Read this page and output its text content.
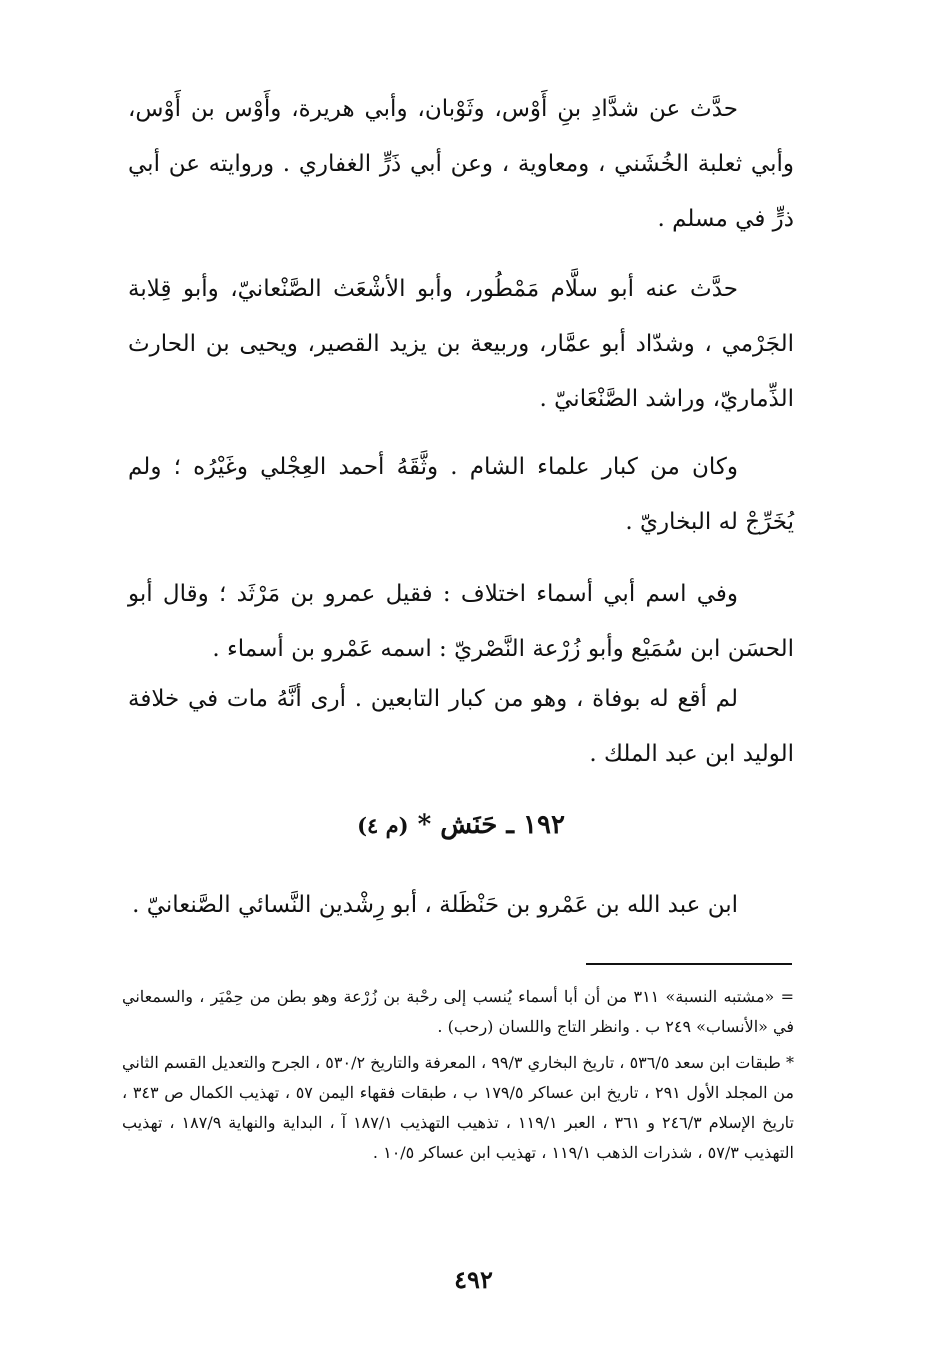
حدَّث عن شدَّادِ بنِ أَوْس، وثَوْبان، وأبي هريرة، وأَوْس بن أَوْس، وأبي ثعلبة الخُشَني ، ومعاوية ، وعن أبي ذَرٍّ الغفاري . وروايته عن أبي ذرٍّ في مسلم .

حدَّث عنه أبو سلَّام مَمْطُور، وأبو الأشْعَث الصَّنْعانيّ، وأبو قِلابة الجَرْمي ، وشدّاد أبو عمَّار، وربيعة بن يزيد القصير، ويحيى بن الحارث الذِّماريّ، وراشد الصَّنْعَانيّ .

وكان من كبار علماء الشام . وثَّقَهُ أحمد العِجْلي وغَيْرُه ؛ ولم يُخَرِّجْ له البخاريّ .

وفي اسم أبي أسماء اختلاف : فقيل عمرو بن مَرْثَد ؛ وقال أبو الحسَن ابن سُمَيْع وأبو زُرْعة النَّصْريّ : اسمه عَمْرو بن أسماء .

لم أقع له بوفاة ، وهو من كبار التابعين . أرى أنَّهُ مات في خلافة الوليد ابن عبد الملك .

١٩٢ ـ حَنَش * (م ٤)

ابن عبد الله بن عَمْرو بن حَنْظَلة ، أبو رِشْدين النَّسائي الصَّنعانيّ .

= «مشتبه النسبة» ٣١١ من أن أبا أسماء يُنسب إلى رحْبة بن زُرْعة وهو بطن من حِمْيَر ، والسمعاني في «الأنساب» ٢٤٩ ب . وانظر التاج واللسان (رحب) .

* طبقات ابن سعد ٥٣٦/٥ ، تاريخ البخاري ٩٩/٣ ، المعرفة والتاريخ ٥٣٠/٢ ، الجرح والتعديل القسم الثاني من المجلد الأول ٢٩١ ، تاريخ ابن عساكر ١٧٩/٥ ب ، طبقات فقهاء اليمن ٥٧ ، تهذيب الكمال ص ٣٤٣ ، تاريخ الإسلام ٢٤٦/٣ و ٣٦١ ، العبر ١١٩/١ ، تذهيب التهذيب ١٨٧/١ آ ، البداية والنهاية ١٨٧/٩ ، تهذيب التهذيب ٥٧/٣ ، شذرات الذهب ١١٩/١ ، تهذيب ابن عساكر ١٠/٥ .

٤٩٢
